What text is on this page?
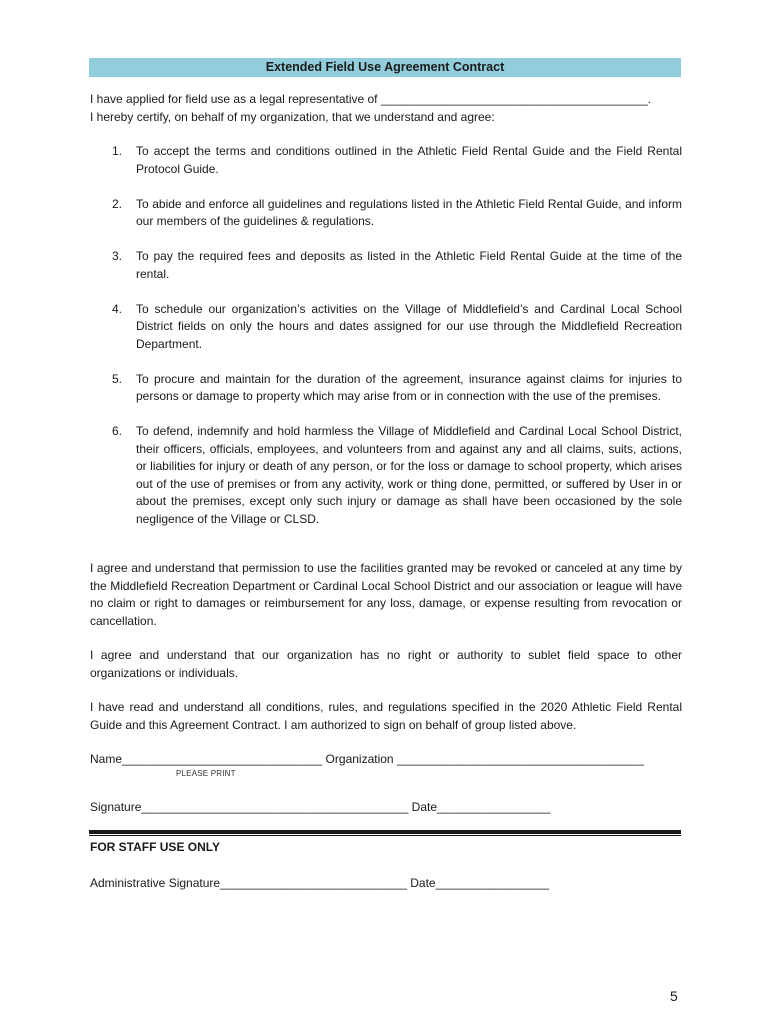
Extended Field Use Agreement Contract
I have applied for field use as a legal representative of ________________________________________.
I hereby certify, on behalf of my organization, that we understand and agree:
1. To accept the terms and conditions outlined in the Athletic Field Rental Guide and the Field Rental Protocol Guide.
2. To abide and enforce all guidelines and regulations listed in the Athletic Field Rental Guide, and inform our members of the guidelines & regulations.
3. To pay the required fees and deposits as listed in the Athletic Field Rental Guide at the time of the rental.
4. To schedule our organization’s activities on the Village of Middlefield’s and Cardinal Local School District fields on only the hours and dates assigned for our use through the Middlefield Recreation Department.
5. To procure and maintain for the duration of the agreement, insurance against claims for injuries to persons or damage to property which may arise from or in connection with the use of the premises.
6. To defend, indemnify and hold harmless the Village of Middlefield and Cardinal Local School District, their officers, officials, employees, and volunteers from and against any and all claims, suits, actions, or liabilities for injury or death of any person, or for the loss or damage to school property, which arises out of the use of premises or from any activity, work or thing done, permitted, or suffered by User in or about the premises, except only such injury or damage as shall have been occasioned by the sole negligence of the Village or CLSD.

I agree and understand that permission to use the facilities granted may be revoked or canceled at any time by the Middlefield Recreation Department or Cardinal Local School District and our association or league will have no claim or right to damages or reimbursement for any loss, damage, or expense resulting from revocation or cancellation.

I agree and understand that our organization has no right or authority to sublet field space to other organizations or individuals.

I have read and understand all conditions, rules, and regulations specified in the 2020 Athletic Field Rental Guide and this Agreement Contract. I am authorized to sign on behalf of group listed above.

Name______________________________ Organization _____________________________________
PLEASE PRINT
Signature________________________________________ Date_________________
FOR STAFF USE ONLY
Administrative Signature____________________________ Date_________________
5
